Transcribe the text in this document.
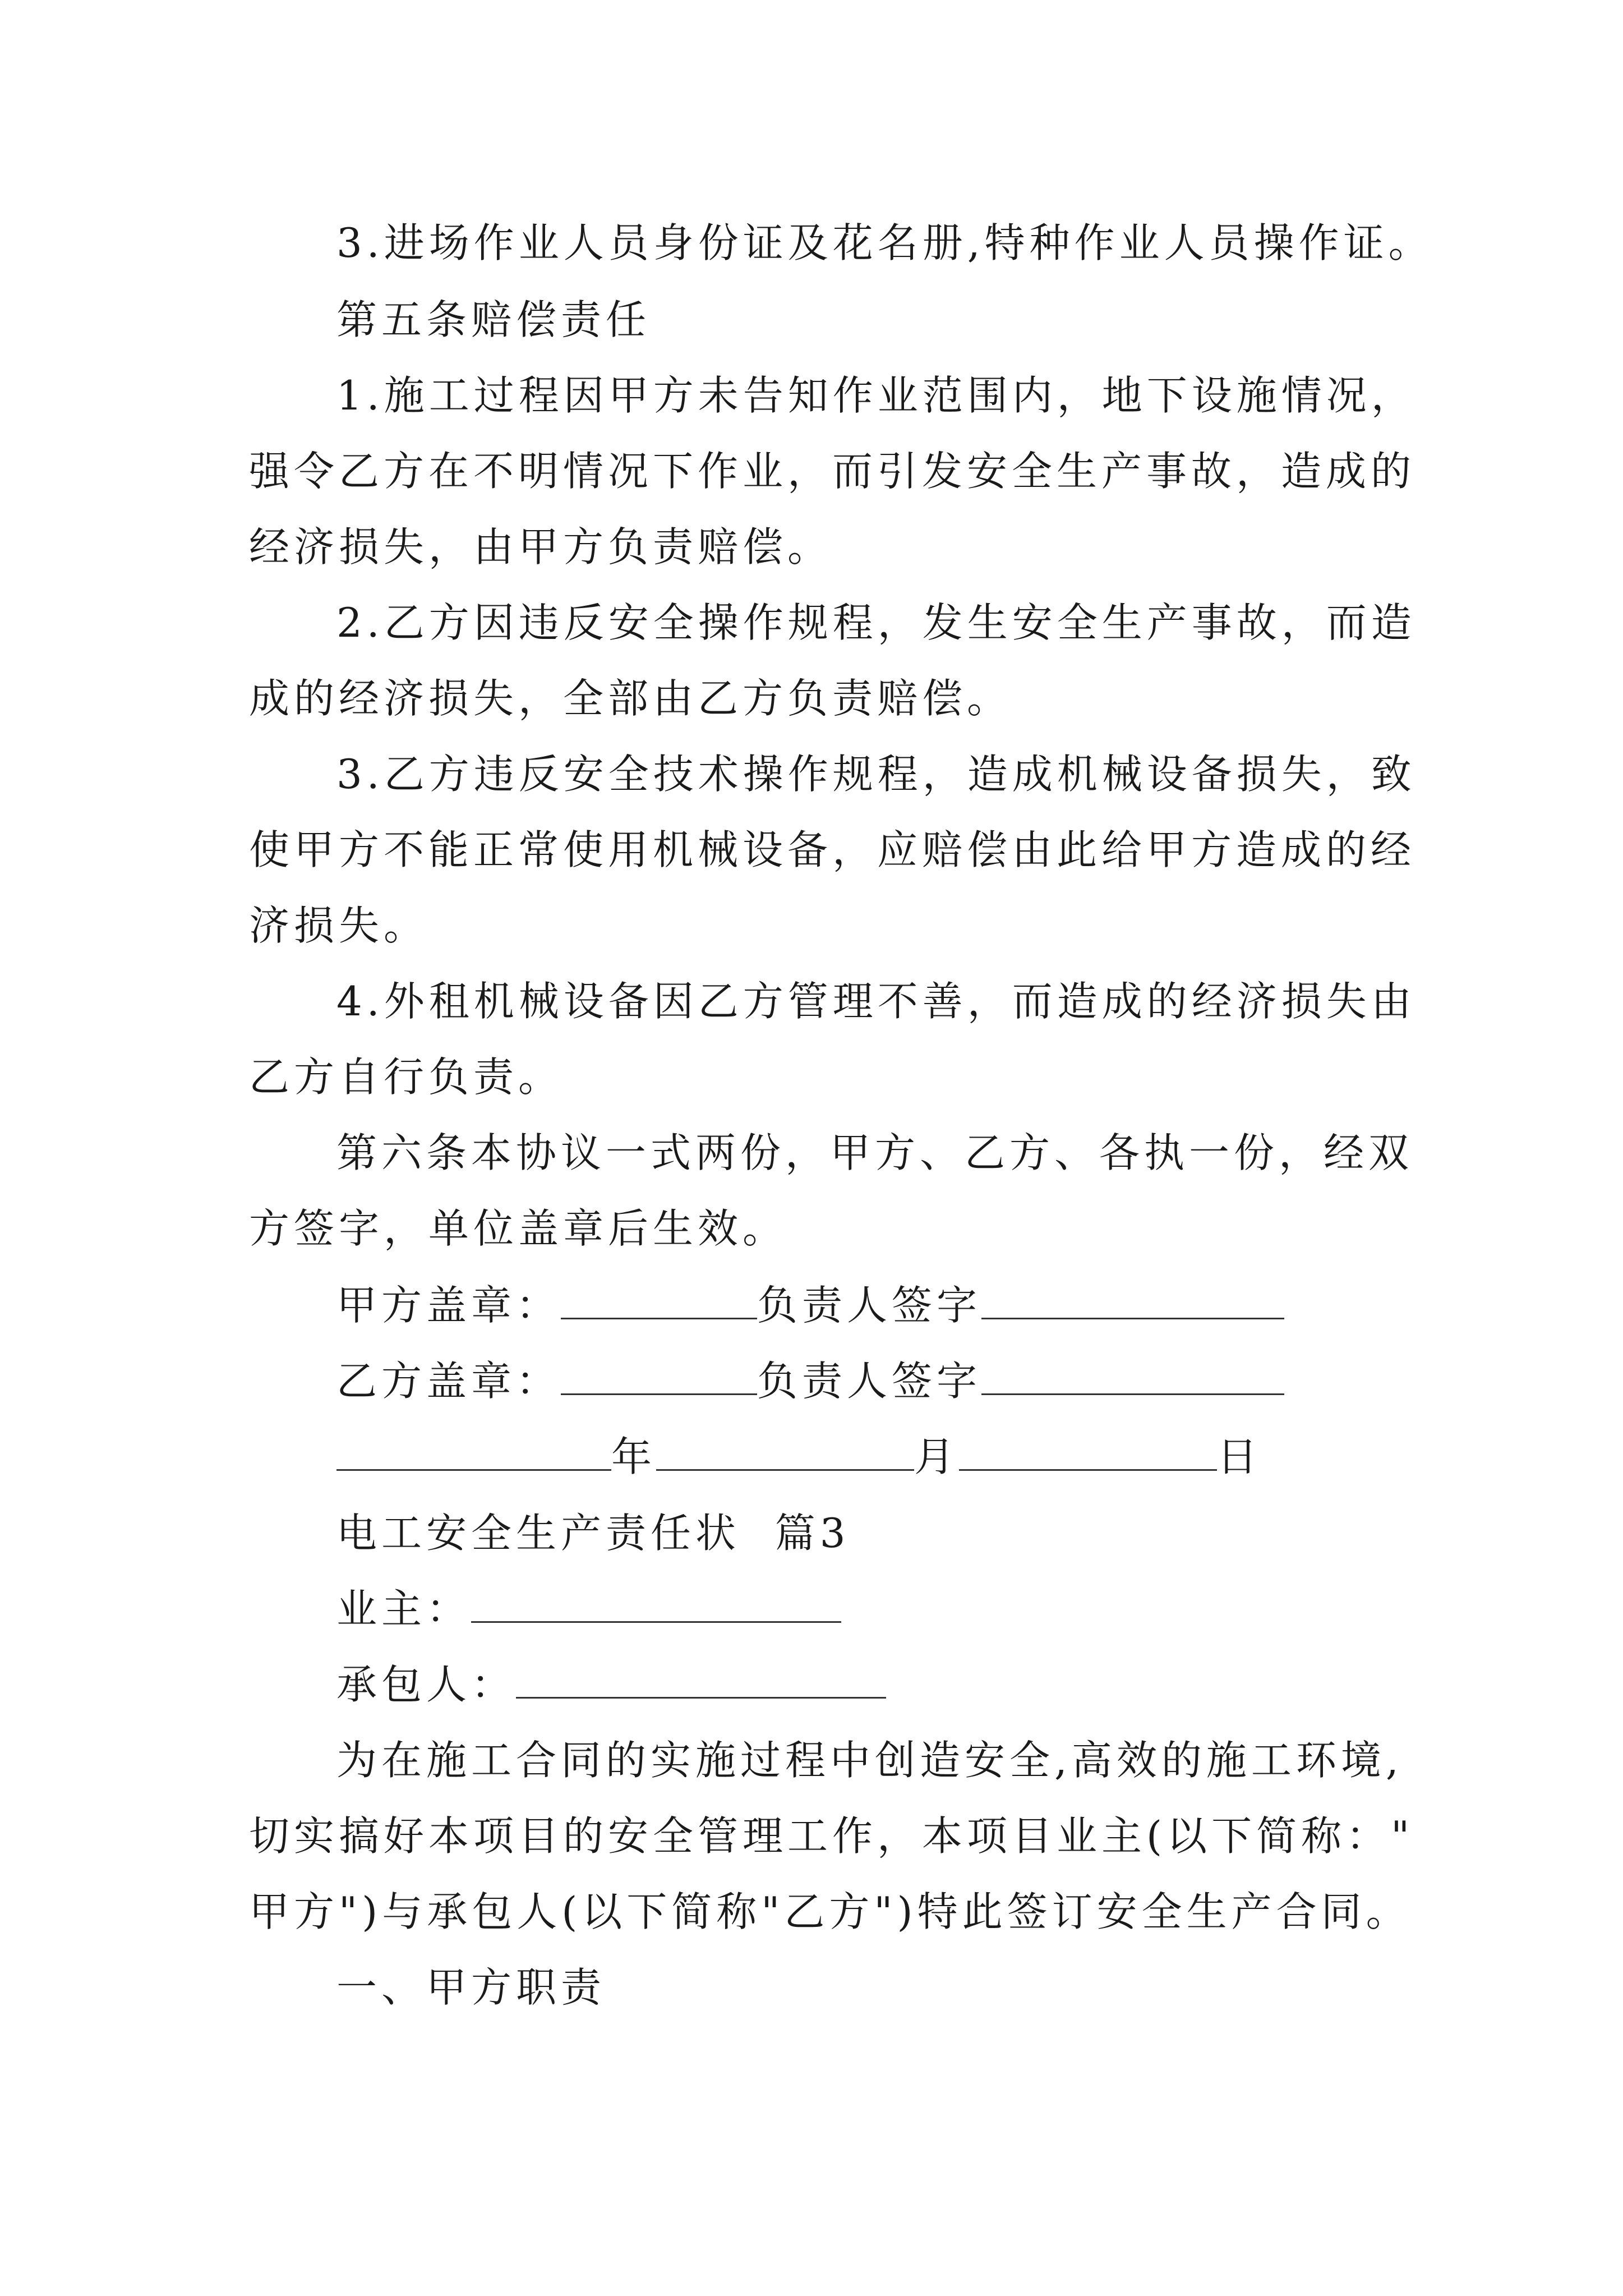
3.进场作业人员身份证及花名册,特种作业人员操作证。
第五条赔偿责任
1.施工过程因甲方未告知作业范围内，地下设施情况，
强令乙方在不明情况下作业，而引发安全生产事故，造成的
经济损失，由甲方负责赔偿。
2.乙方因违反安全操作规程，发生安全生产事故，而造
成的经济损失，全部由乙方负责赔偿。
3.乙方违反安全技术操作规程，造成机械设备损失，致
使甲方不能正常使用机械设备，应赔偿由此给甲方造成的经
济损失。
4.外租机械设备因乙方管理不善，而造成的经济损失由
乙方自行负责。
第六条本协议一式两份，甲方、乙方、各执一份，经双
方签字，单位盖章后生效。
甲方盖章：	负责人签字
乙方盖章：	负责人签字
年	月	日
电工安全生产责任状  篇3
业主：
承包人：
为在施工合同的实施过程中创造安全,高效的施工环境,
切实搞好本项目的安全管理工作，本项目业主(以下简称："
甲方")与承包人(以下简称"乙方")特此签订安全生产合同。
一、甲方职责
